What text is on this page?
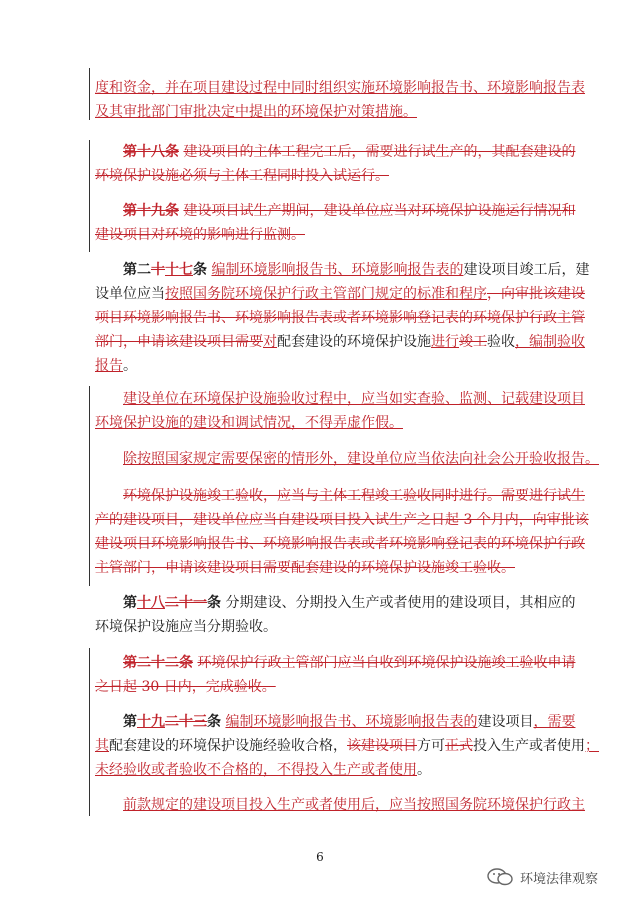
度和资金，并在项目建设过程中同时组织实施环境影响报告书、环境影响报告表
及其审批部门审批决定中提出的环境保护对策措施。
第十八条 建设项目的主体工程完工后，需要进行试生产的，其配套建设的
环境保护设施必须与主体工程同时投入试运行。
第十九条 建设项目试生产期间，建设单位应当对环境保护设施运行情况和
建设项目对环境的影响进行监测。
第二十十七条 编制环境影响报告书、环境影响报告表的建设项目竣工后，建
设单位应当按照国务院环境保护行政主管部门规定的标准和程序，向审批该建设
项目环境影响报告书、环境影响报告表或者环境影响登记表的环境保护行政主管
部门，申请该建设项目需要对配套建设的环境保护设施进行竣工验收，编制验收
报告。
建设单位在环境保护设施验收过程中，应当如实查验、监测、记载建设项目
环境保护设施的建设和调试情况，不得弄虚作假。
除按照国家规定需要保密的情形外，建设单位应当依法向社会公开验收报告。
环境保护设施竣工验收，应当与主体工程竣工验收同时进行。需要进行试生
产的建设项目，建设单位应当自建设项目投入试生产之日起 3 个月内，向审批该
建设项目环境影响报告书、环境影响报告表或者环境影响登记表的环境保护行政
主管部门，申请该建设项目需要配套建设的环境保护设施竣工验收。
第十八二十一条 分期建设、分期投入生产或者使用的建设项目，其相应的
环境保护设施应当分期验收。
第二十二条 环境保护行政主管部门应当自收到环境保护设施竣工验收申请
之日起 30 日内，完成验收。
第十九二十三条 编制环境影响报告书、环境影响报告表的建设项目，需要
其配套建设的环境保护设施经验收合格，该建设项目方可正式投入生产或者使用；
未经验收或者验收不合格的，不得投入生产或者使用。
前款规定的建设项目投入生产或者使用后，应当按照国务院环境保护行政主
6
环境法律观察
